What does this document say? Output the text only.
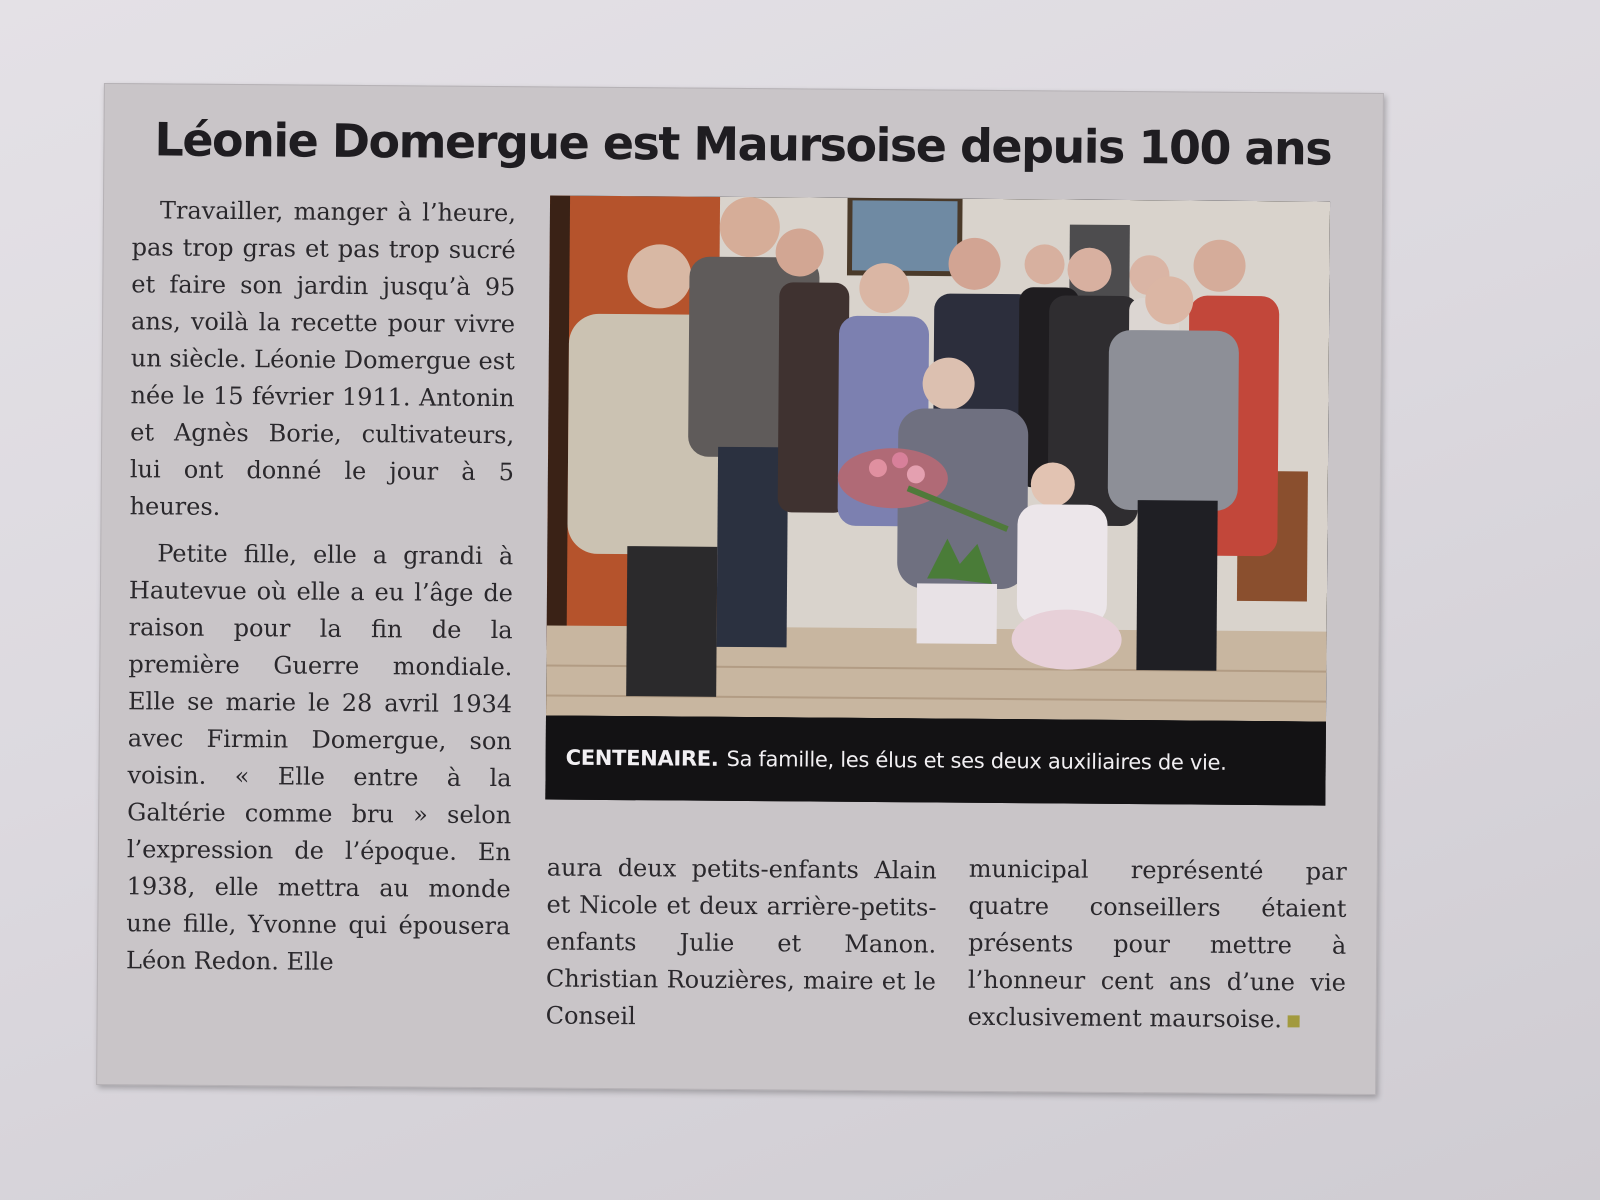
Léonie Domergue est Maursoise depuis 100 ans

Travailler, manger à l’heure, pas trop gras et pas trop sucré et faire son jardin jusqu’à 95 ans, voilà la recette pour vivre un siècle. Léonie Domergue est née le 15 février 1911. Antonin et Agnès Borie, cultivateurs, lui ont donné le jour à 5 heures.

Petite fille, elle a grandi à Hautevue où elle a eu l’âge de raison pour la fin de la première Guerre mondiale. Elle se marie le 28 avril 1934 avec Firmin Domergue, son voisin. « Elle entre à la Galtérie comme bru » selon l’expression de l’époque. En 1938, elle mettra au monde une fille, Yvonne qui épousera Léon Redon. Elle

CENTENAIRE. Sa famille, les élus et ses deux auxiliaires de vie.

aura deux petits-enfants Alain et Nicole et deux arrière-petits-enfants Julie et Manon. Christian Rouzières, maire et le Conseil

municipal représenté par quatre conseillers étaient présents pour mettre à l’honneur cent ans d’une vie exclusivement maursoise.
